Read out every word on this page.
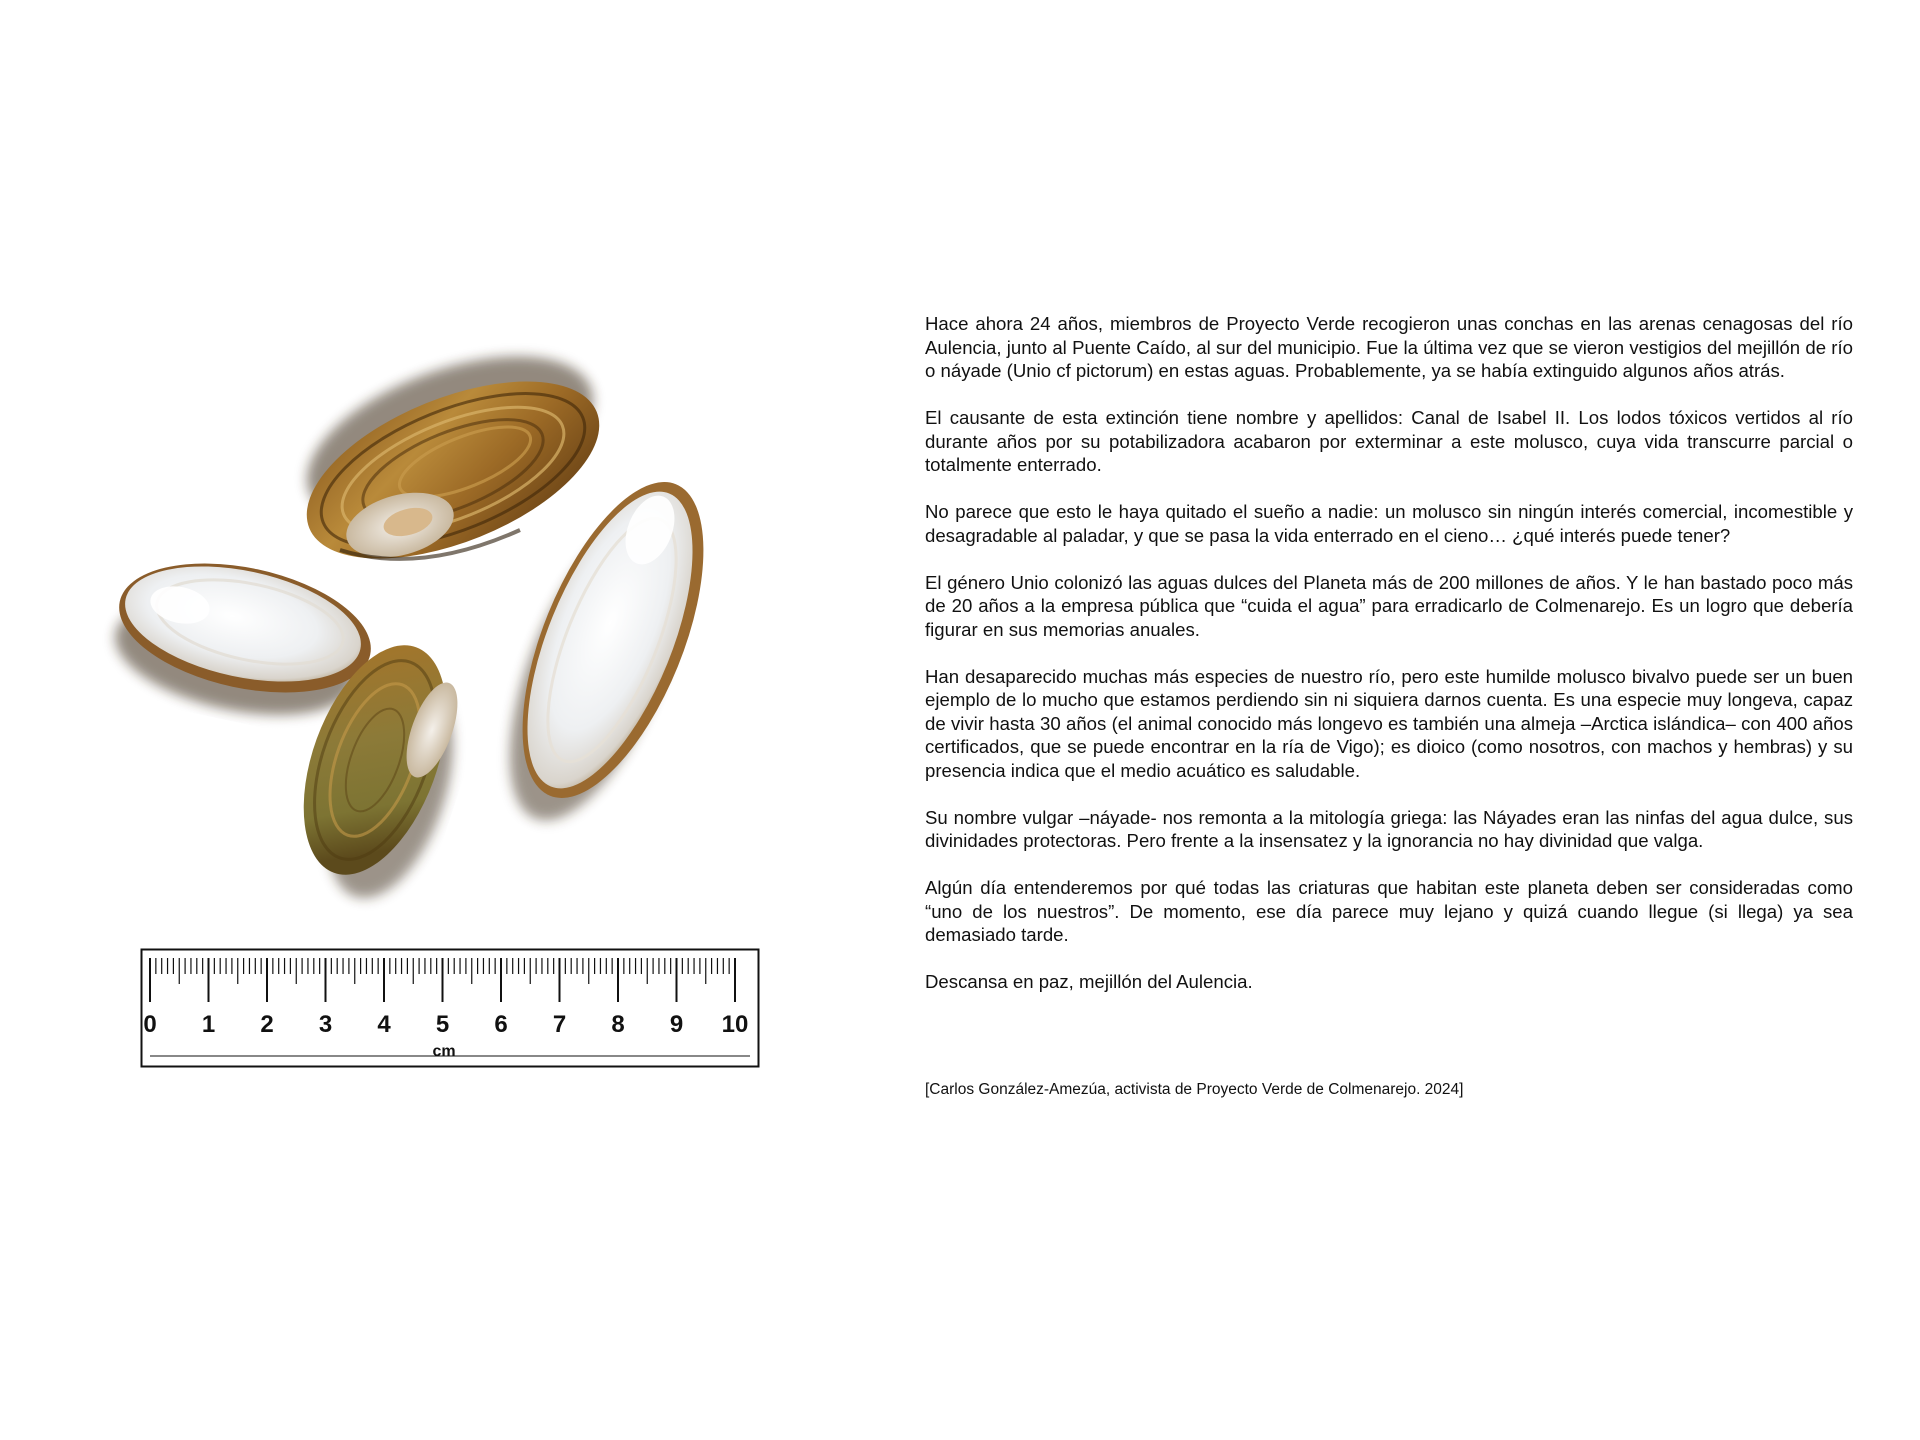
0 1 2 3 4 5 6 7 8 9 10
cm

Hace ahora 24 años, miembros de Proyecto Verde recogieron unas conchas en las arenas cenagosas del río Aulencia, junto al Puente Caído, al sur del municipio. Fue la última vez que se vieron vestigios del mejillón de río o náyade (Unio cf pictorum) en estas aguas. Probablemente, ya se había extinguido algunos años atrás.

El causante de esta extinción tiene nombre y apellidos: Canal de Isabel II. Los lodos tóxicos vertidos al río durante años por su potabilizadora acabaron por exterminar a este molusco, cuya vida transcurre parcial o totalmente enterrado.

No parece que esto le haya quitado el sueño a nadie: un molusco sin ningún interés comercial, incomestible y desagradable al paladar, y que se pasa la vida enterrado en el cieno… ¿qué interés puede tener?

El género Unio colonizó las aguas dulces del Planeta más de 200 millones de años. Y le han bastado poco más de 20 años a la empresa pública que “cuida el agua” para erradicarlo de Colmenarejo. Es un logro que debería figurar en sus memorias anuales.

Han desaparecido muchas más especies de nuestro río, pero este humilde molusco bivalvo puede ser un buen ejemplo de lo mucho que estamos perdiendo sin ni siquiera darnos cuenta. Es una especie muy longeva, capaz de vivir hasta 30 años (el animal conocido más longevo es también una almeja –Arctica islándica– con 400 años certificados, que se puede encontrar en la ría de Vigo); es dioico (como nosotros, con machos y hembras) y su presencia indica que el medio acuático es saludable.

Su nombre vulgar –náyade- nos remonta a la mitología griega: las Náyades eran las ninfas del agua dulce, sus divinidades protectoras. Pero frente a la insensatez y la ignorancia no hay divinidad que valga.

Algún día entenderemos por qué todas las criaturas que habitan este planeta deben ser consideradas como “uno de los nuestros”. De momento, ese día parece muy lejano y quizá cuando llegue (si llega) ya sea demasiado tarde.

Descansa en paz, mejillón del Aulencia.

[Carlos González-Amezúa, activista de Proyecto Verde de Colmenarejo. 2024]
